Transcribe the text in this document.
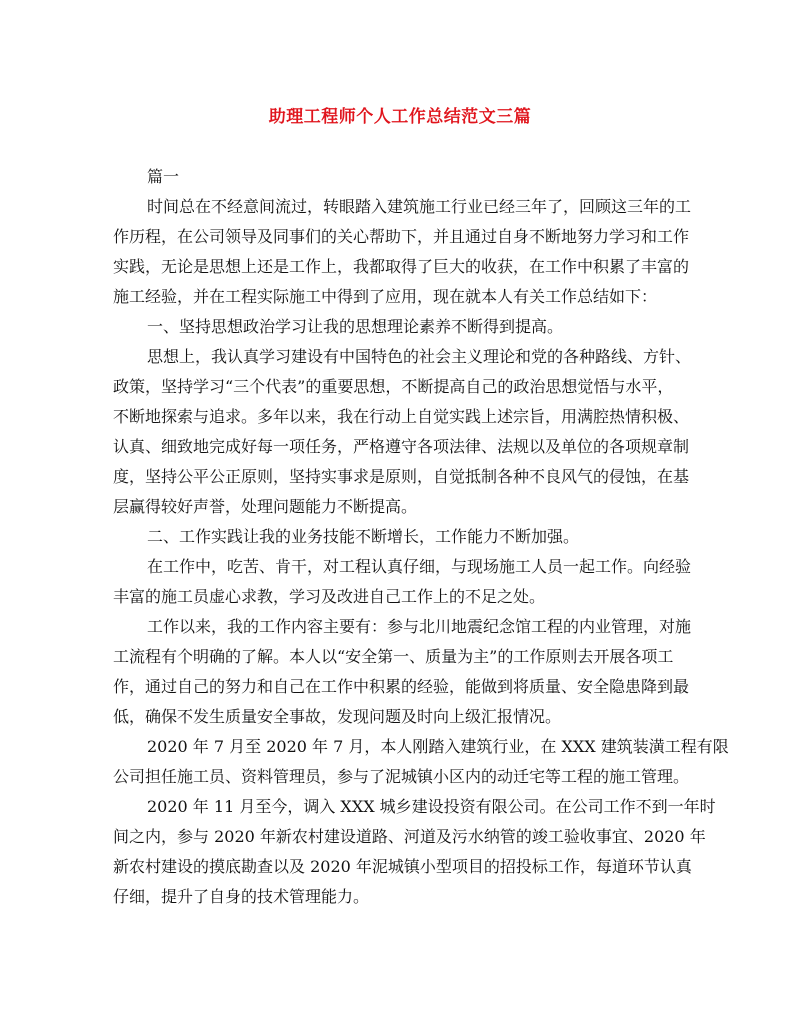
助理工程师个人工作总结范文三篇

篇一

时间总在不经意间流过，转眼踏入建筑施工行业已经三年了，回顾这三年的工
作历程，在公司领导及同事们的关心帮助下，并且通过自身不断地努力学习和工作
实践，无论是思想上还是工作上，我都取得了巨大的收获，在工作中积累了丰富的
施工经验，并在工程实际施工中得到了应用，现在就本人有关工作总结如下：

一、坚持思想政治学习让我的思想理论素养不断得到提高。

思想上，我认真学习建设有中国特色的社会主义理论和党的各种路线、方针、
政策，坚持学习“三个代表”的重要思想，不断提高自己的政治思想觉悟与水平，
不断地探索与追求。多年以来，我在行动上自觉实践上述宗旨，用满腔热情积极、
认真、细致地完成好每一项任务，严格遵守各项法律、法规以及单位的各项规章制
度，坚持公平公正原则，坚持实事求是原则，自觉抵制各种不良风气的侵蚀，在基
层赢得较好声誉，处理问题能力不断提高。

二、工作实践让我的业务技能不断增长，工作能力不断加强。

在工作中，吃苦、肯干，对工程认真仔细，与现场施工人员一起工作。向经验
丰富的施工员虚心求教，学习及改进自己工作上的不足之处。

工作以来，我的工作内容主要有：参与北川地震纪念馆工程的内业管理，对施
工流程有个明确的了解。本人以“安全第一、质量为主”的工作原则去开展各项工
作，通过自己的努力和自己在工作中积累的经验，能做到将质量、安全隐患降到最
低，确保不发生质量安全事故，发现问题及时向上级汇报情况。

2020 年 7 月至 2020 年 7 月，本人刚踏入建筑行业，在 XXX 建筑装潢工程有限
公司担任施工员、资料管理员，参与了泥城镇小区内的动迁宅等工程的施工管理。

2020 年 11 月至今，调入 XXX 城乡建设投资有限公司。在公司工作不到一年时
间之内，参与 2020 年新农村建设道路、河道及污水纳管的竣工验收事宜、2020 年
新农村建设的摸底勘查以及 2020 年泥城镇小型项目的招投标工作，每道环节认真
仔细，提升了自身的技术管理能力。
